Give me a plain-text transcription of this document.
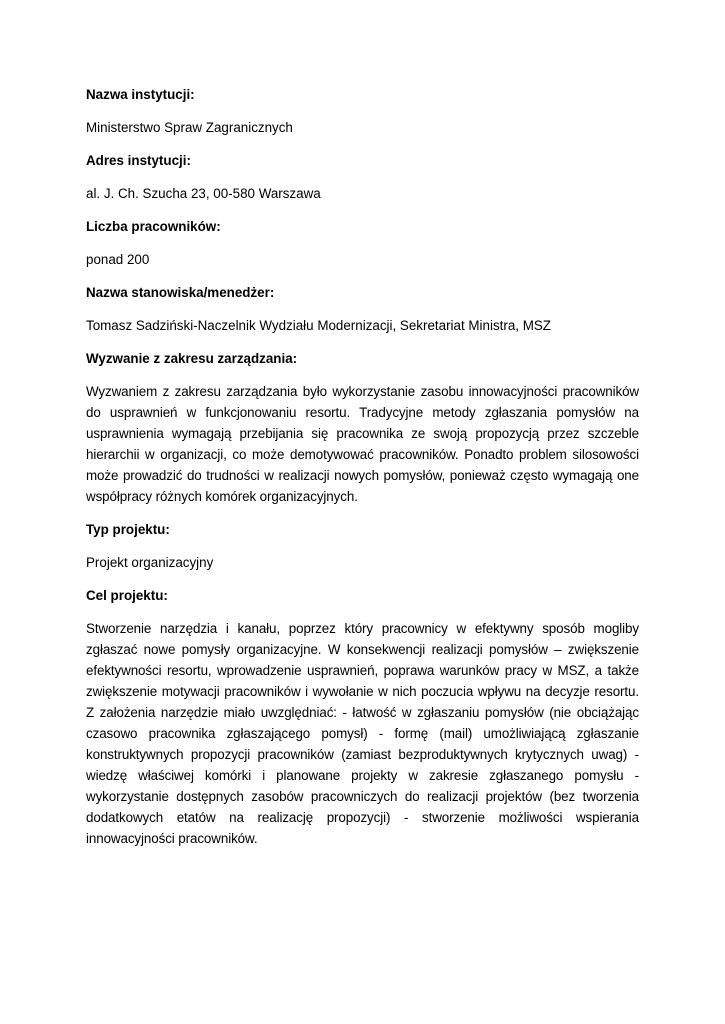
Nazwa instytucji:

Ministerstwo Spraw Zagranicznych

Adres instytucji:

al. J. Ch. Szucha 23, 00-580 Warszawa

Liczba pracowników:

ponad 200

Nazwa stanowiska/menedżer:

Tomasz Sadziński-Naczelnik Wydziału Modernizacji, Sekretariat Ministra, MSZ

Wyzwanie z zakresu zarządzania:

Wyzwaniem z zakresu zarządzania było wykorzystanie zasobu innowacyjności pracowników do usprawnień w funkcjonowaniu resortu. Tradycyjne metody zgłaszania pomysłów na usprawnienia wymagają przebijania się pracownika ze swoją propozycją przez szczeble hierarchii w organizacji, co może demotywować pracowników. Ponadto problem silosowości może prowadzić do trudności w realizacji nowych pomysłów, ponieważ często wymagają one współpracy różnych komórek organizacyjnych.

Typ projektu:

Projekt organizacyjny

Cel projektu:

Stworzenie narzędzia i kanału, poprzez który pracownicy w efektywny sposób mogliby zgłaszać nowe pomysły organizacyjne. W konsekwencji realizacji pomysłów – zwiększenie efektywności resortu, wprowadzenie usprawnień, poprawa warunków pracy w MSZ, a także zwiększenie motywacji pracowników i wywołanie w nich poczucia wpływu na decyzje resortu. Z założenia narzędzie miało uwzględniać: - łatwość w zgłaszaniu pomysłów (nie obciążając czasowo pracownika zgłaszającego pomysł) - formę (mail) umożliwiającą zgłaszanie konstruktywnych propozycji pracowników (zamiast bezproduktywnych krytycznych uwag) - wiedzę właściwej komórki i planowane projekty w zakresie zgłaszanego pomysłu - wykorzystanie dostępnych zasobów pracowniczych do realizacji projektów (bez tworzenia dodatkowych etatów na realizację propozycji) - stworzenie możliwości wspierania innowacyjności pracowników.
